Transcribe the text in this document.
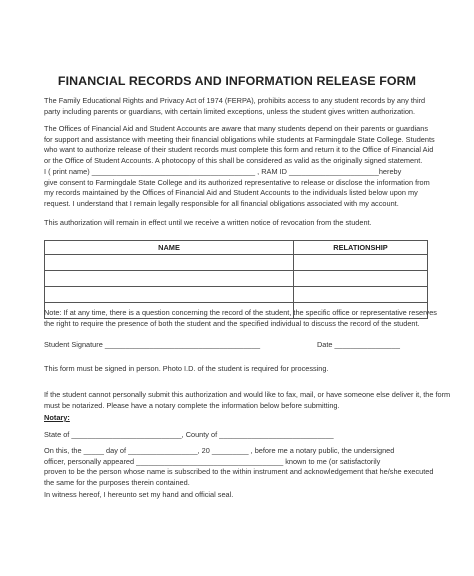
FINANCIAL RECORDS AND INFORMATION RELEASE FORM

The Family Educational Rights and Privacy Act of 1974 (FERPA), prohibits access to any student records by any third
party including parents or guardians, with certain limited exceptions, unless the student gives written authorization.

The Offices of Financial Aid and Student Accounts are aware that many students depend on their parents or guardians
for support and assistance with meeting their financial obligations while students at Farmingdale State College. Students
who want to authorize release of their student records must complete this form and return it to the Office of Financial Aid
or the Office of Student Accounts. A photocopy of this shall be considered as valid as the originally signed statement.

I ( print name) ________________________________________ , RAM ID ______________________hereby
give consent to Farmingdale State College and its authorized representative to release or disclose the information from
my records maintained by the Offices of Financial Aid and Student Accounts to the individuals listed below upon my
request. I understand that I remain legally responsible for all financial obligations associated with my account.

This authorization will remain in effect until we receive a written notice of revocation from the student.

NAME	RELATIONSHIP

Note: If at any time, there is a question concerning the record of the student, the specific office or representative reserves
the right to require the presence of both the student and the specified individual to discuss the record of the student.

Student Signature ______________________________________	Date ________________

This form must be signed in person. Photo I.D. of the student is required for processing.

If the student cannot personally submit this authorization and would like to fax, mail, or have someone else deliver it, the form
must be notarized. Please have a notary complete the information below before submitting.

Notary:

State of ___________________________, County of ____________________________

On this, the _____ day of _________________, 20 _________ , before me a notary public, the undersigned
officer, personally appeared ____________________________________ known to me (or satisfactorily
proven to be the person whose name is subscribed to the within instrument and acknowledgement that he/she executed
the same for the purposes therein contained.

In witness hereof, I hereunto set my hand and official seal.
